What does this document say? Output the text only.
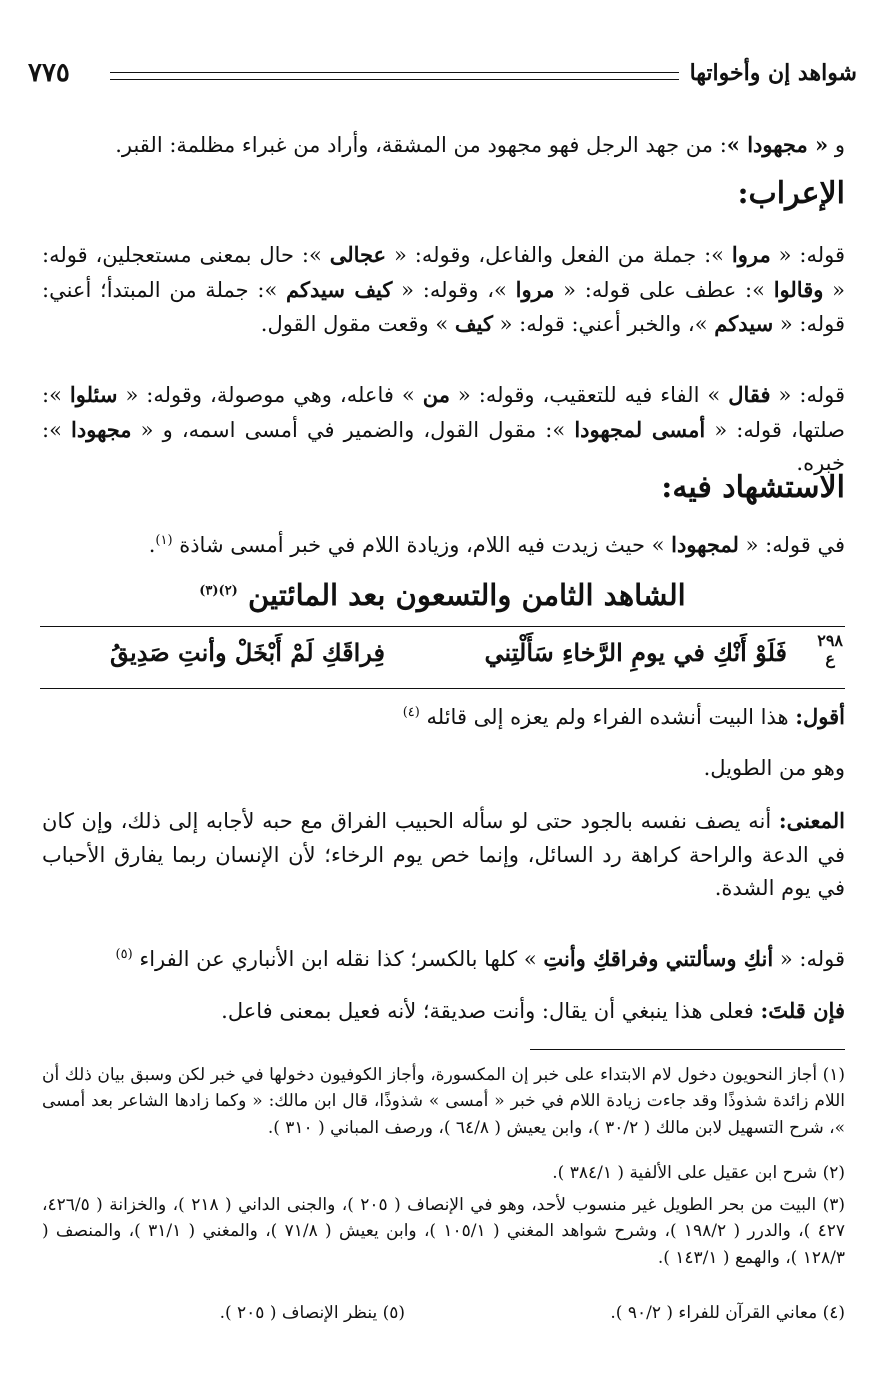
شواهد إن وأخواتها
٧٧٥

و « مجهودا »: من جهد الرجل فهو مجهود من المشقة، وأراد من غبراء مظلمة: القبر.

الإعراب:

قوله: « مروا »: جملة من الفعل والفاعل، وقوله: « عجالى »: حال بمعنى مستعجلين، قوله: « وقالوا »: عطف على قوله: « مروا »، وقوله: « كيف سيدكم »: جملة من المبتدأ؛ أعني: قوله: « سيدكم »، والخبر أعني: قوله: « كيف » وقعت مقول القول.

قوله: « فقال » الفاء فيه للتعقيب، وقوله: « من » فاعله، وهي موصولة، وقوله: « سئلوا »: صلتها، قوله: « أمسى لمجهودا »: مقول القول، والضمير في أمسى اسمه، و « مجهودا »: خبره.

الاستشهاد فيه:

في قوله: « لمجهودا » حيث زيدت فيه اللام، وزيادة اللام في خبر أمسى شاذة $^{(١)}$.

الشاهد الثامن والتسعون بعد المائتين $^{(٢)(٣)}$
٢٩٨
ع
فَلَوْ أَنْكِ في يومِ الرَّخاءِ سَأَلْتِني
فِراقَكِ لَمْ أَبْخَلْ وأنتِ صَدِيقُ

أقول: هذا البيت أنشده الفراء ولم يعزه إلى قائله $^{(٤)}$

وهو من الطويل.

المعنى: أنه يصف نفسه بالجود حتى لو سأله الحبيب الفراق مع حبه لأجابه إلى ذلك، وإن كان في الدعة والراحة كراهة رد السائل، وإنما خص يوم الرخاء؛ لأن الإنسان ربما يفارق الأحباب في يوم الشدة.

قوله: « أنكِ وسألتني وفراقكِ وأنتِ » كلها بالكسر؛ كذا نقله ابن الأنباري عن الفراء $^{(٥)}$

فإن قلتَ: فعلى هذا ينبغي أن يقال: وأنت صديقة؛ لأنه فعيل بمعنى فاعل.

(١) أجاز النحويون دخول لام الابتداء على خبر إن المكسورة، وأجاز الكوفيون دخولها في خبر لكن وسبق بيان ذلك أن اللام زائدة شذوذًا وقد جاءت زيادة اللام في خبر « أمسى » شذوذًا، قال ابن مالك: « وكما زادها الشاعر بعد أمسى »، شرح التسهيل لابن مالك ( ٣٠/٢ )، وابن يعيش ( ٦٤/٨ )، ورصف المباني ( ٣١٠ ).

(٢) شرح ابن عقيل على الألفية ( ٣٨٤/١ ).

(٣) البيت من بحر الطويل غير منسوب لأحد، وهو في الإنصاف ( ٢٠٥ )، والجنى الداني ( ٢١٨ )، والخزانة ( ٤٢٦/٥، ٤٢٧ )، والدرر ( ١٩٨/٢ )، وشرح شواهد المغني ( ١٠٥/١ )، وابن يعيش ( ٧١/٨ )، والمغني ( ٣١/١ )، والمنصف ( ١٢٨/٣ )، والهمع ( ١٤٣/١ ).

(٤) معاني القرآن للفراء ( ٩٠/٢ ).

(٥) ينظر الإنصاف ( ٢٠٥ ).
